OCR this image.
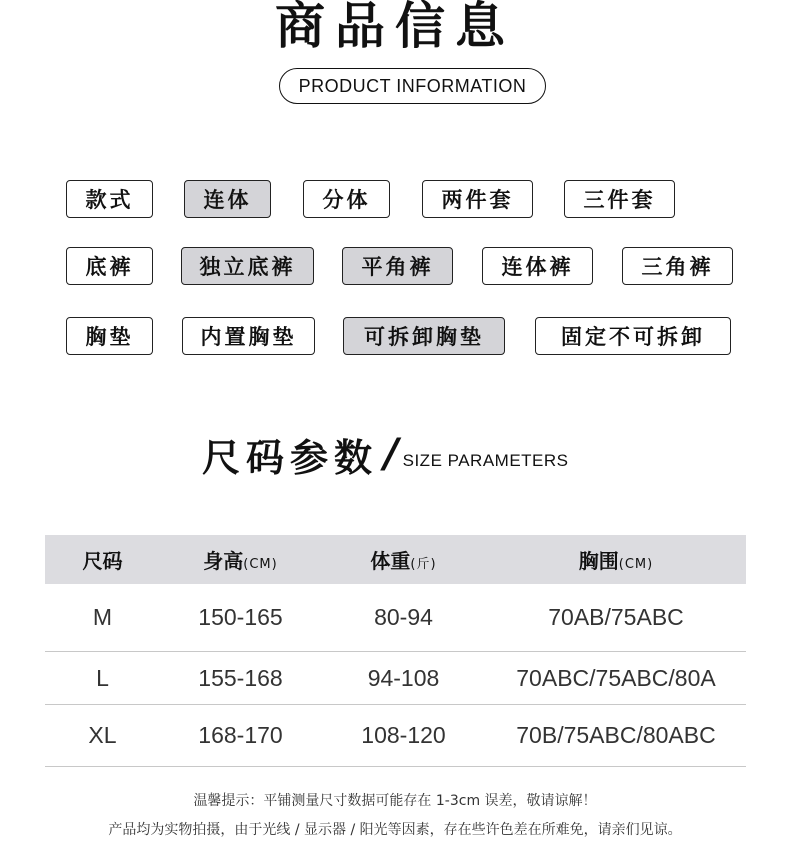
商品信息
PRODUCT INFORMATION
款式	连体	分体	两件套	三件套
底裤	独立底裤	平角裤	连体裤	三角裤
胸垫	内置胸垫	可拆卸胸垫	固定不可拆卸
尺码参数 / SIZE PARAMETERS
尺码	身高(CM)	体重(斤)	胸围(CM)
M	150-165	80-94	70AB/75ABC
L	155-168	94-108	70ABC/75ABC/80A
XL	168-170	108-120	70B/75ABC/80ABC
温馨提示：平铺测量尺寸数据可能存在 1-3cm 误差，敬请谅解！
产品均为实物拍摄，由于光线 / 显示器 / 阳光等因素，存在些许色差在所难免，请亲们见谅。
